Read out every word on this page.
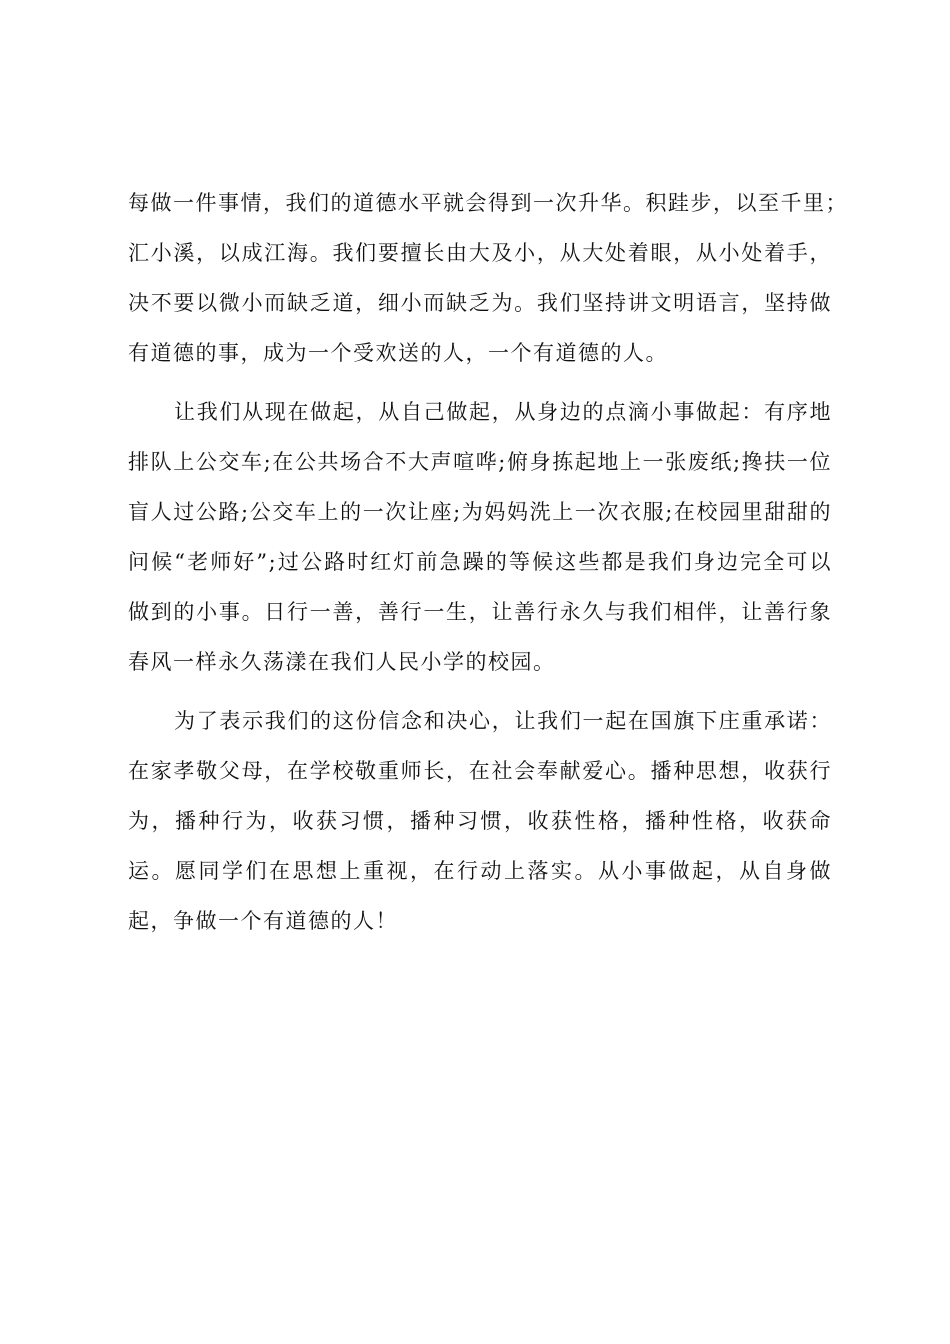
每做一件事情，我们的道德水平就会得到一次升华。积跬步，以至千里；
汇小溪，以成江海。我们要擅长由大及小，从大处着眼，从小处着手，
决不要以微小而缺乏道，细小而缺乏为。我们坚持讲文明语言，坚持做
有道德的事，成为一个受欢送的人，一个有道德的人。
让我们从现在做起，从自己做起，从身边的点滴小事做起：有序地
排队上公交车;在公共场合不大声喧哗;俯身拣起地上一张废纸;搀扶一位
盲人过公路;公交车上的一次让座;为妈妈洗上一次衣服;在校园里甜甜的
问候“老师好”;过公路时红灯前急躁的等候这些都是我们身边完全可以
做到的小事。日行一善，善行一生，让善行永久与我们相伴，让善行象
春风一样永久荡漾在我们人民小学的校园。
为了表示我们的这份信念和决心，让我们一起在国旗下庄重承诺：
在家孝敬父母，在学校敬重师长，在社会奉献爱心。播种思想，收获行
为，播种行为，收获习惯，播种习惯，收获性格，播种性格，收获命
运。愿同学们在思想上重视，在行动上落实。从小事做起，从自身做
起，争做一个有道德的人！
